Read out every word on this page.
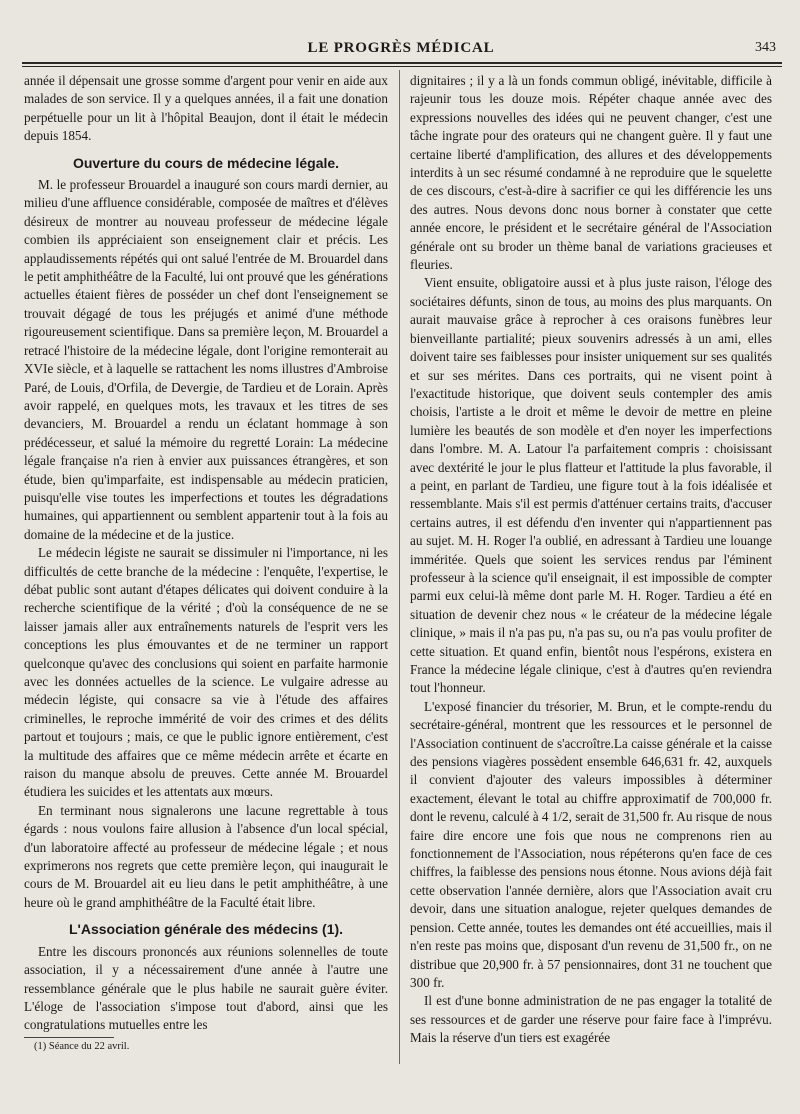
LE PROGRÈS MÉDICAL	343

année il dépensait une grosse somme d'argent pour venir en aide aux malades de son service. Il y a quelques années, il a fait une donation perpétuelle pour un lit à l'hôpital Beaujon, dont il était le médecin depuis 1854.

Ouverture du cours de médecine légale.

M. le professeur Brouardel a inauguré son cours mardi dernier, au milieu d'une affluence considérable, composée de maîtres et d'élèves désireux de montrer au nouveau professeur de médecine légale combien ils appréciaient son enseignement clair et précis. Les applaudissements répétés qui ont salué l'entrée de M. Brouardel dans le petit amphithéâtre de la Faculté, lui ont prouvé que les générations actuelles étaient fières de posséder un chef dont l'enseignement se trouvait dégagé de tous les préjugés et animé d'une méthode rigoureusement scientifique. Dans sa première leçon, M. Brouardel a retracé l'histoire de la médecine légale, dont l'origine remonterait au XVIe siècle, et à laquelle se rattachent les noms illustres d'Ambroise Paré, de Louis, d'Orfila, de Devergie, de Tardieu et de Lorain. Après avoir rappelé, en quelques mots, les travaux et les titres de ses devanciers, M. Brouardel a rendu un éclatant hommage à son prédécesseur, et salué la mémoire du regretté Lorain: La médecine légale française n'a rien à envier aux puissances étrangères, et son étude, bien qu'imparfaite, est indispensable au médecin praticien, puisqu'elle vise toutes les imperfections et toutes les dégradations humaines, qui appartiennent ou semblent appartenir tout à la fois au domaine de la médecine et de la justice.

Le médecin légiste ne saurait se dissimuler ni l'importance, ni les difficultés de cette branche de la médecine : l'enquête, l'expertise, le débat public sont autant d'étapes délicates qui doivent conduire à la recherche scientifique de la vérité ; d'où la conséquence de ne se laisser jamais aller aux entraînements naturels de l'esprit vers les conceptions les plus émouvantes et de ne terminer un rapport quelconque qu'avec des conclusions qui soient en parfaite harmonie avec les données actuelles de la science. Le vulgaire adresse au médecin légiste, qui consacre sa vie à l'étude des affaires criminelles, le reproche immérité de voir des crimes et des délits partout et toujours ; mais, ce que le public ignore entièrement, c'est la multitude des affaires que ce même médecin arrête et écarte en raison du manque absolu de preuves. Cette année M. Brouardel étudiera les suicides et les attentats aux mœurs.

En terminant nous signalerons une lacune regrettable à tous égards : nous voulons faire allusion à l'absence d'un local spécial, d'un laboratoire affecté au professeur de médecine légale ; et nous exprimerons nos regrets que cette première leçon, qui inaugurait le cours de M. Brouardel ait eu lieu dans le petit amphithéâtre, à une heure où le grand amphithéâtre de la Faculté était libre.

L'Association générale des médecins (1).

Entre les discours prononcés aux réunions solennelles de toute association, il y a nécessairement d'une année à l'autre une ressemblance générale que le plus habile ne saurait guère éviter. L'éloge de l'association s'impose tout d'abord, ainsi que les congratulations mutuelles entre les

(1) Séance du 22 avril.

dignitaires ; il y a là un fonds commun obligé, inévitable, difficile à rajeunir tous les douze mois. Répéter chaque année avec des expressions nouvelles des idées qui ne peuvent changer, c'est une tâche ingrate pour des orateurs qui ne changent guère. Il y faut une certaine liberté d'amplification, des allures et des développements interdits à un sec résumé condamné à ne reproduire que le squelette de ces discours, c'est-à-dire à sacrifier ce qui les différencie les uns des autres. Nous devons donc nous borner à constater que cette année encore, le président et le secrétaire général de l'Association générale ont su broder un thème banal de variations gracieuses et fleuries.

Vient ensuite, obligatoire aussi et à plus juste raison, l'éloge des sociétaires défunts, sinon de tous, au moins des plus marquants. On aurait mauvaise grâce à reprocher à ces oraisons funèbres leur bienveillante partialité; pieux souvenirs adressés à un ami, elles doivent taire ses faiblesses pour insister uniquement sur ses qualités et sur ses mérites. Dans ces portraits, qui ne visent point à l'exactitude historique, que doivent seuls contempler des amis choisis, l'artiste a le droit et même le devoir de mettre en pleine lumière les beautés de son modèle et d'en noyer les imperfections dans l'ombre. M. A. Latour l'a parfaitement compris : choisissant avec dextérité le jour le plus flatteur et l'attitude la plus favorable, il a peint, en parlant de Tardieu, une figure tout à la fois idéalisée et ressemblante. Mais s'il est permis d'atténuer certains traits, d'accuser certains autres, il est défendu d'en inventer qui n'appartiennent pas au sujet. M. H. Roger l'a oublié, en adressant à Tardieu une louange imméritée. Quels que soient les services rendus par l'éminent professeur à la science qu'il enseignait, il est impossible de compter parmi eux celui-là même dont parle M. H. Roger. Tardieu a été en situation de devenir chez nous « le créateur de la médecine légale clinique, » mais il n'a pas pu, n'a pas su, ou n'a pas voulu profiter de cette situation. Et quand enfin, bientôt nous l'espérons, existera en France la médecine légale clinique, c'est à d'autres qu'en reviendra tout l'honneur.

L'exposé financier du trésorier, M. Brun, et le compte-rendu du secrétaire-général, montrent que les ressources et le personnel de l'Association continuent de s'accroître.La caisse générale et la caisse des pensions viagères possèdent ensemble 646,631 fr. 42, auxquels il convient d'ajouter des valeurs impossibles à déterminer exactement, élevant le total au chiffre approximatif de 700,000 fr. dont le revenu, calculé à 4 1/2, serait de 31,500 fr. Au risque de nous faire dire encore une fois que nous ne comprenons rien au fonctionnement de l'Association, nous répéterons qu'en face de ces chiffres, la faiblesse des pensions nous étonne. Nous avions déjà fait cette observation l'année dernière, alors que l'Association avait cru devoir, dans une situation analogue, rejeter quelques demandes de pension. Cette année, toutes les demandes ont été accueillies, mais il n'en reste pas moins que, disposant d'un revenu de 31,500 fr., on ne distribue que 20,900 fr. à 57 pensionnaires, dont 31 ne touchent que 300 fr.

Il est d'une bonne administration de ne pas engager la totalité de ses ressources et de garder une réserve pour faire face à l'imprévu. Mais la réserve d'un tiers est exagérée
